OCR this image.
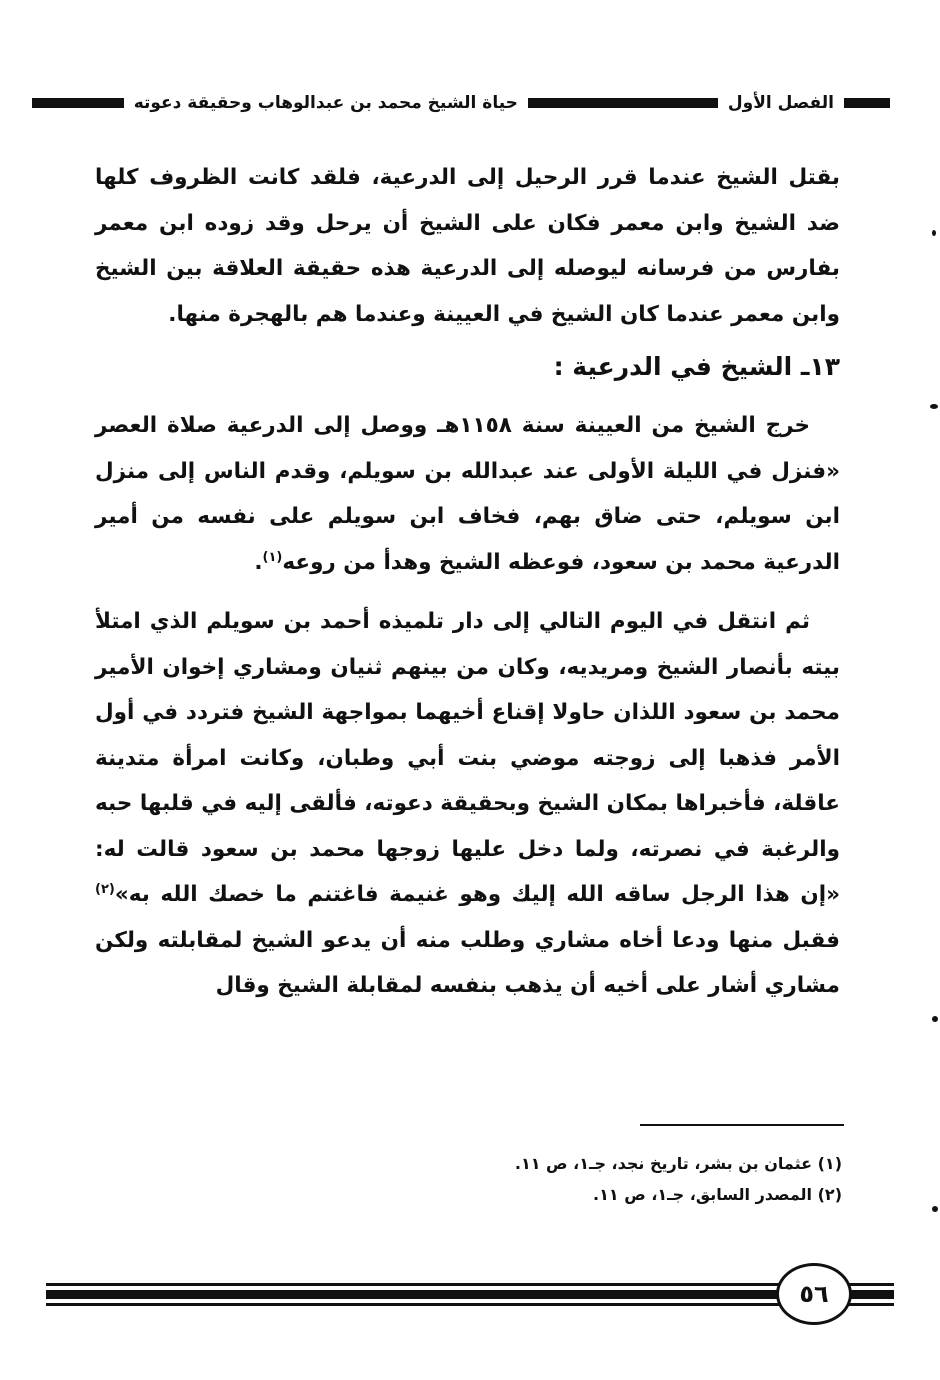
الفصل الأول
حياة الشيخ محمد بن عبدالوهاب وحقيقة دعوته

بقتل الشيخ عندما قرر الرحيل إلى الدرعية، فلقد كانت الظروف كلها ضد الشيخ وابن معمر فكان على الشيخ أن يرحل وقد زوده ابن معمر بفارس من فرسانه ليوصله إلى الدرعية هذه حقيقة العلاقة بين الشيخ وابن معمر عندما كان الشيخ في العيينة وعندما هم بالهجرة منها.

١٣ـ الشيخ في الدرعية :

خرج الشيخ من العيينة سنة ١١٥٨هـ ووصل إلى الدرعية صلاة العصر «فنزل في الليلة الأولى عند عبدالله بن سويلم، وقدم الناس إلى منزل ابن سويلم، حتى ضاق بهم، فخاف ابن سويلم على نفسه من أمير الدرعية محمد بن سعود، فوعظه الشيخ وهدأ من روعه$^{(١)}$.

ثم انتقل في اليوم التالي إلى دار تلميذه أحمد بن سويلم الذي امتلأ بيته بأنصار الشيخ ومريديه، وكان من بينهم ثنيان ومشاري إخوان الأمير محمد بن سعود اللذان حاولا إقناع أخيهما بمواجهة الشيخ فتردد في أول الأمر فذهبا إلى زوجته موضي بنت أبي وطبان، وكانت امرأة متدينة عاقلة، فأخبراها بمكان الشيخ وبحقيقة دعوته، فألقى إليه في قلبها حبه والرغبة في نصرته، ولما دخل عليها زوجها محمد بن سعود قالت له: «إن هذا الرجل ساقه الله إليك وهو غنيمة فاغتنم ما خصك الله به»$^{(٢)}$ فقبل منها ودعا أخاه مشاري وطلب منه أن يدعو الشيخ لمقابلته ولكن مشاري أشار على أخيه أن يذهب بنفسه لمقابلة الشيخ وقال

(١) عثمان بن بشر، تاريخ نجد، جـ١، ص ١١.
(٢) المصدر السابق، جـ١، ص ١١.
٥٦
